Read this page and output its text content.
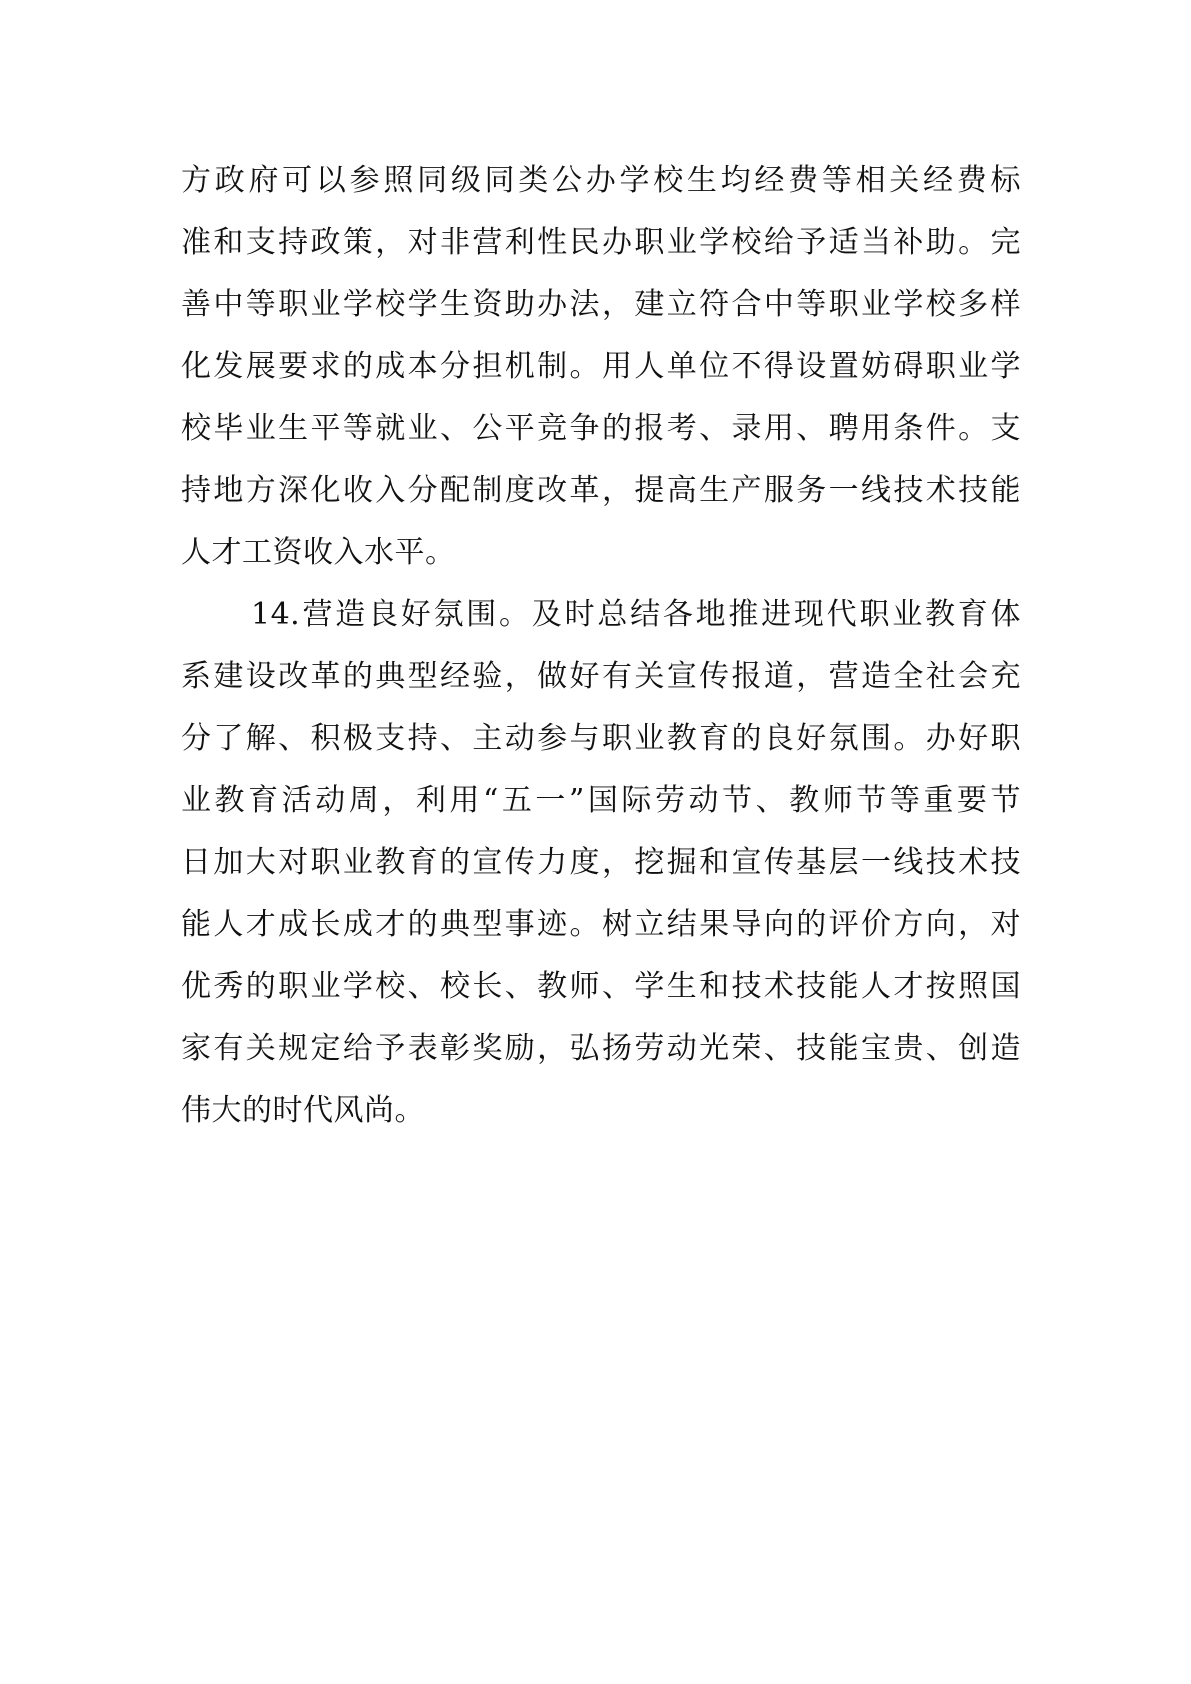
方政府可以参照同级同类公办学校生均经费等相关经费标
准和支持政策，对非营利性民办职业学校给予适当补助。完
善中等职业学校学生资助办法，建立符合中等职业学校多样
化发展要求的成本分担机制。用人单位不得设置妨碍职业学
校毕业生平等就业、公平竞争的报考、录用、聘用条件。支
持地方深化收入分配制度改革，提高生产服务一线技术技能
人才工资收入水平。
14.营造良好氛围。及时总结各地推进现代职业教育体
系建设改革的典型经验，做好有关宣传报道，营造全社会充
分了解、积极支持、主动参与职业教育的良好氛围。办好职
业教育活动周，利用“五一”国际劳动节、教师节等重要节
日加大对职业教育的宣传力度，挖掘和宣传基层一线技术技
能人才成长成才的典型事迹。树立结果导向的评价方向，对
优秀的职业学校、校长、教师、学生和技术技能人才按照国
家有关规定给予表彰奖励，弘扬劳动光荣、技能宝贵、创造
伟大的时代风尚。
